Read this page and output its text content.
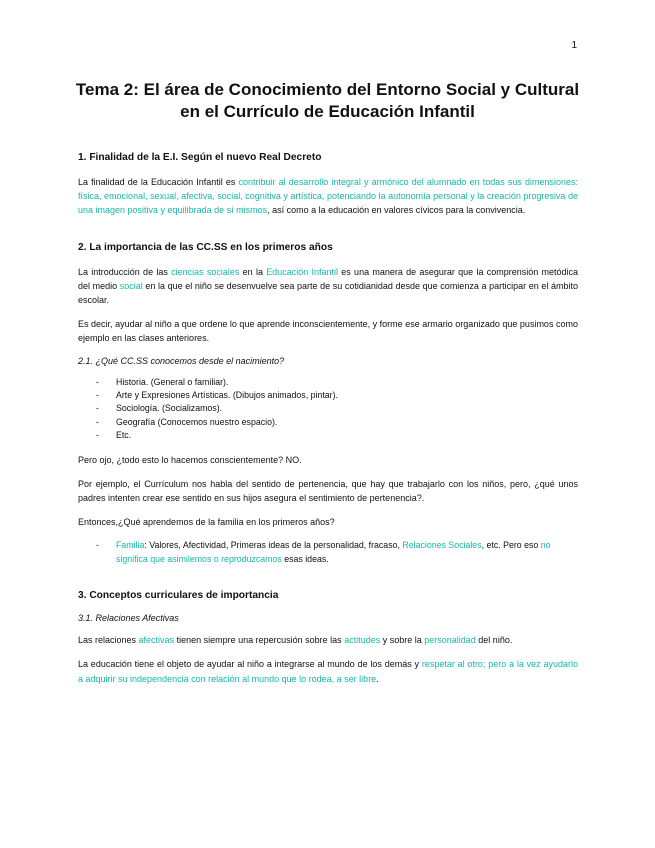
1
Tema 2: El área de Conocimiento del Entorno Social y Cultural
en el Currículo de Educación Infantil
1. Finalidad de la E.I. Según el nuevo Real Decreto

La finalidad de la Educación Infantil es contribuir al desarrollo integral y armónico del alumnado en todas sus dimensiones: física, emocional, sexual, afectiva, social, cognitiva y artística, potenciando la autonomía personal y la creación progresiva de una imagen positiva y equilibrada de sí mismos, así como a la educación en valores cívicos para la convivencia.

2. La importancia de las CC.SS en los primeros años

La introducción de las ciencias sociales en la Educación Infantil es una manera de asegurar que la comprensión metódica del medio social en la que el niño se desenvuelve sea parte de su cotidianidad desde que comienza a participar en el ámbito escolar.

Es decir, ayudar al niño a que ordene lo que aprende inconscientemente, y forme ese armario organizado que pusimos como ejemplo en las clases anteriores.

2.1. ¿Qué CC.SS conocemos desde el nacimiento?
- Historia. (General o familiar).
- Arte y Expresiones Artísticas. (Dibujos animados, pintar).
- Sociología. (Socializamos).
- Geografía (Conocemos nuestro espacio).
- Etc.

Pero ojo, ¿todo esto lo hacemos conscientemente? NO.

Por ejemplo, el Currículum nos habla del sentido de pertenencia, que hay que trabajarlo con los niños, pero, ¿qué unos padres intenten crear ese sentido en sus hijos asegura el sentimiento de pertenencia?.

Entonces,¿Qué aprendemos de la familia en los primeros años?

- Familia: Valores, Afectividad, Primeras ideas de la personalidad, fracaso, Relaciones Sociales, etc. Pero eso no significa que asimilemos o reproduzcamos esas ideas.
3. Conceptos curriculares de importancia
3.1. Relaciones Afectivas

Las relaciones afectivas tienen siempre una repercusión sobre las actitudes y sobre la personalidad del niño.

La educación tiene el objeto de ayudar al niño a integrarse al mundo de los demás y respetar al otro; pero a la vez ayudarlo a adquirir su independencia con relación al mundo que lo rodea, a ser libre.
